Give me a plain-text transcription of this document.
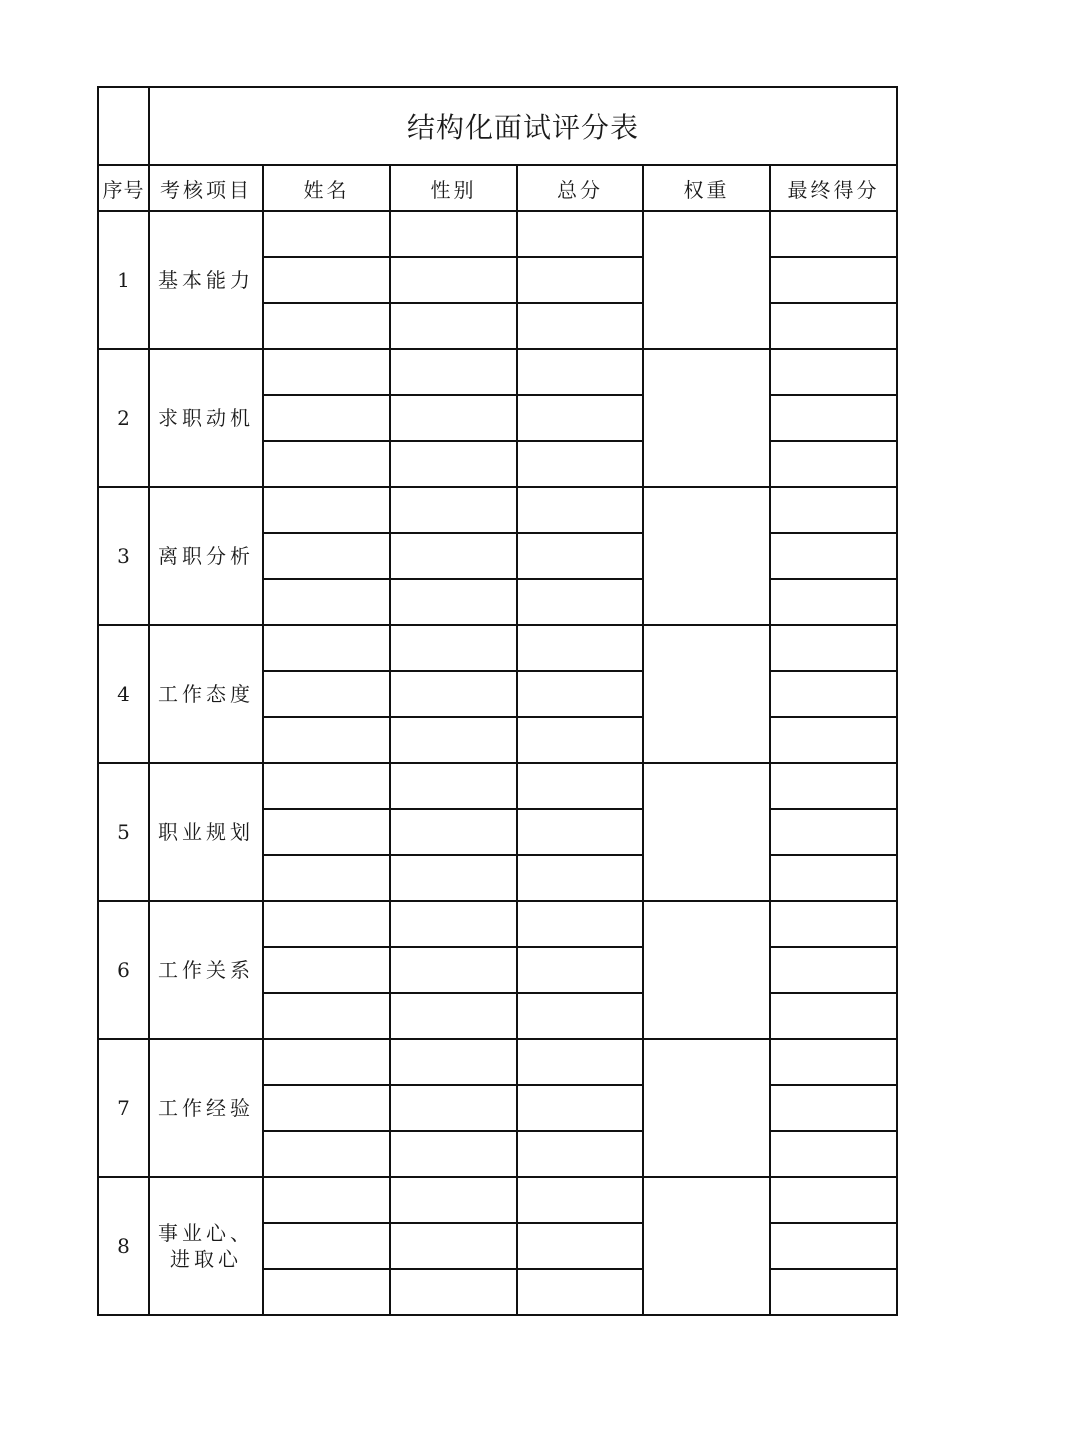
	结构化面试评分表					
序号	考核项目	姓名	性别	总分	权重	最终得分
1	基本能力					

2	求职动机					

3	离职分析					

4	工作态度					

5	职业规划					

6	工作关系					

7	工作经验					

8	事业心、
进取心					
